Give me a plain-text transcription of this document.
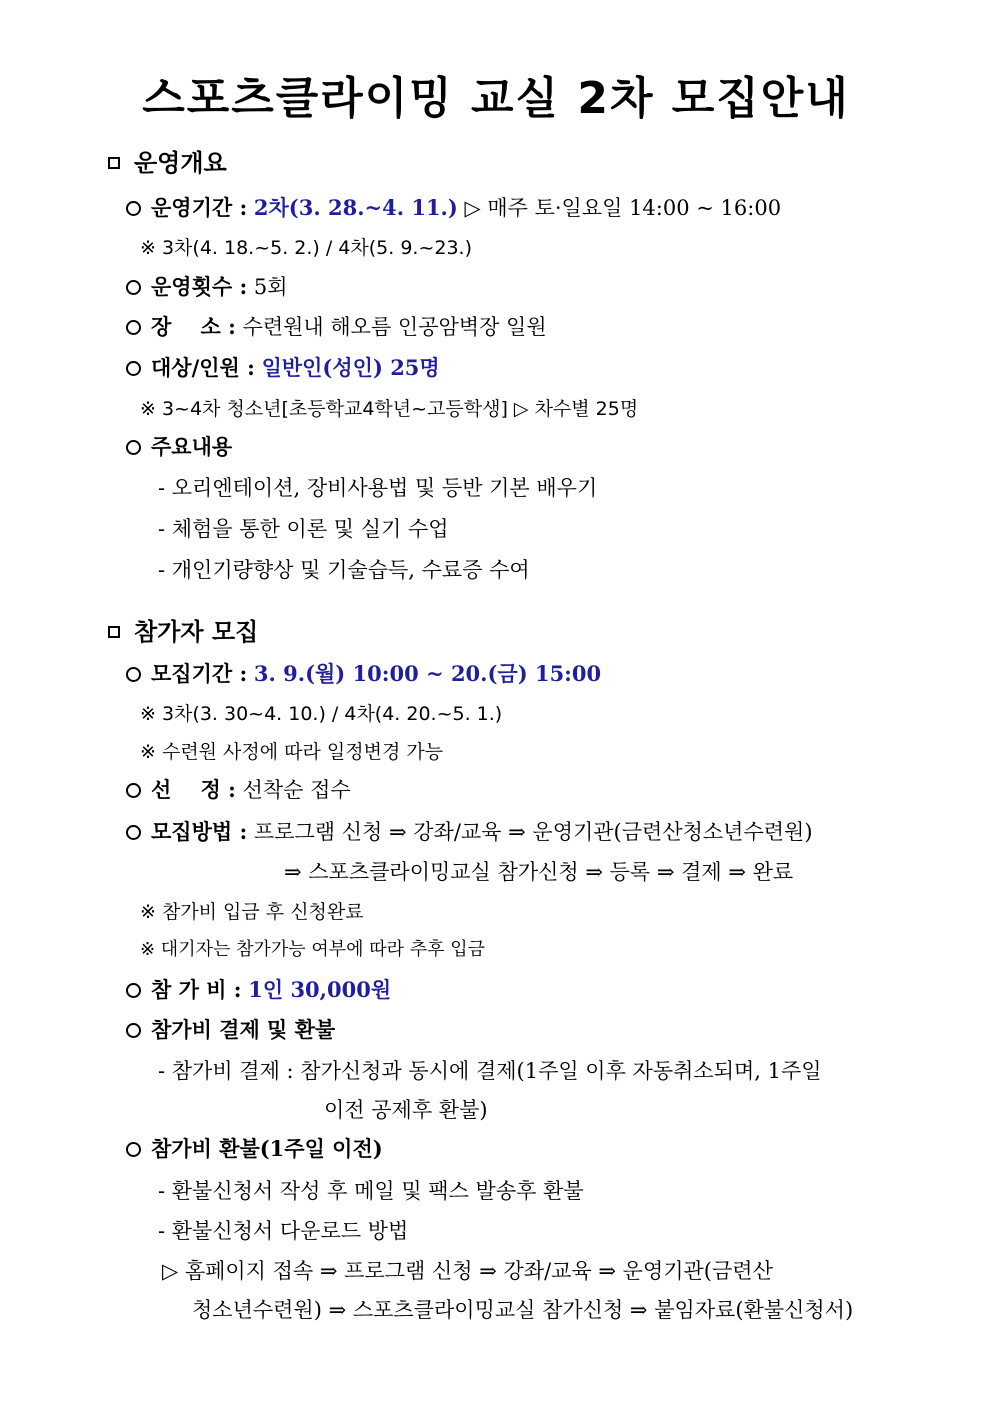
스포츠클라이밍 교실 2차 모집안내
운영개요
운영기간 : 2차(3. 28.~4. 11.) ▷ 매주 토·일요일 14:00 ~ 16:00
※ 3차(4. 18.~5. 2.) / 4차(5. 9.~23.)
운영횟수 : 5회
장    소 : 수련원내 해오름 인공암벽장 일원
대상/인원 : 일반인(성인) 25명
※ 3~4차 청소년[초등학교4학년~고등학생] ▷ 차수별 25명
주요내용
- 오리엔테이션, 장비사용법 및 등반 기본 배우기
- 체험을 통한 이론 및 실기 수업
- 개인기량향상 및 기술습득, 수료증 수여
참가자 모집
모집기간 : 3. 9.(월) 10:00 ~ 20.(금) 15:00
※ 3차(3. 30~4. 10.) / 4차(4. 20.~5. 1.)
※ 수련원 사정에 따라 일정변경 가능
선    정 : 선착순 접수
모집방법 : 프로그램 신청 ⇒ 강좌/교육 ⇒ 운영기관(금련산청소년수련원)
⇒ 스포츠클라이밍교실 참가신청 ⇒ 등록 ⇒ 결제 ⇒ 완료
※ 참가비 입금 후 신청완료
※ 대기자는 참가가능 여부에 따라 추후 입금
참 가 비 : 1인 30,000원
참가비 결제 및 환불
- 참가비 결제 : 참가신청과 동시에 결제(1주일 이후 자동취소되며, 1주일
이전 공제후 환불)
참가비 환불(1주일 이전)
- 환불신청서 작성 후 메일 및 팩스 발송후 환불
- 환불신청서 다운로드 방법
▷ 홈페이지 접속 ⇒ 프로그램 신청 ⇒ 강좌/교육 ⇒ 운영기관(금련산
청소년수련원) ⇒ 스포츠클라이밍교실 참가신청 ⇒ 붙임자료(환불신청서)
